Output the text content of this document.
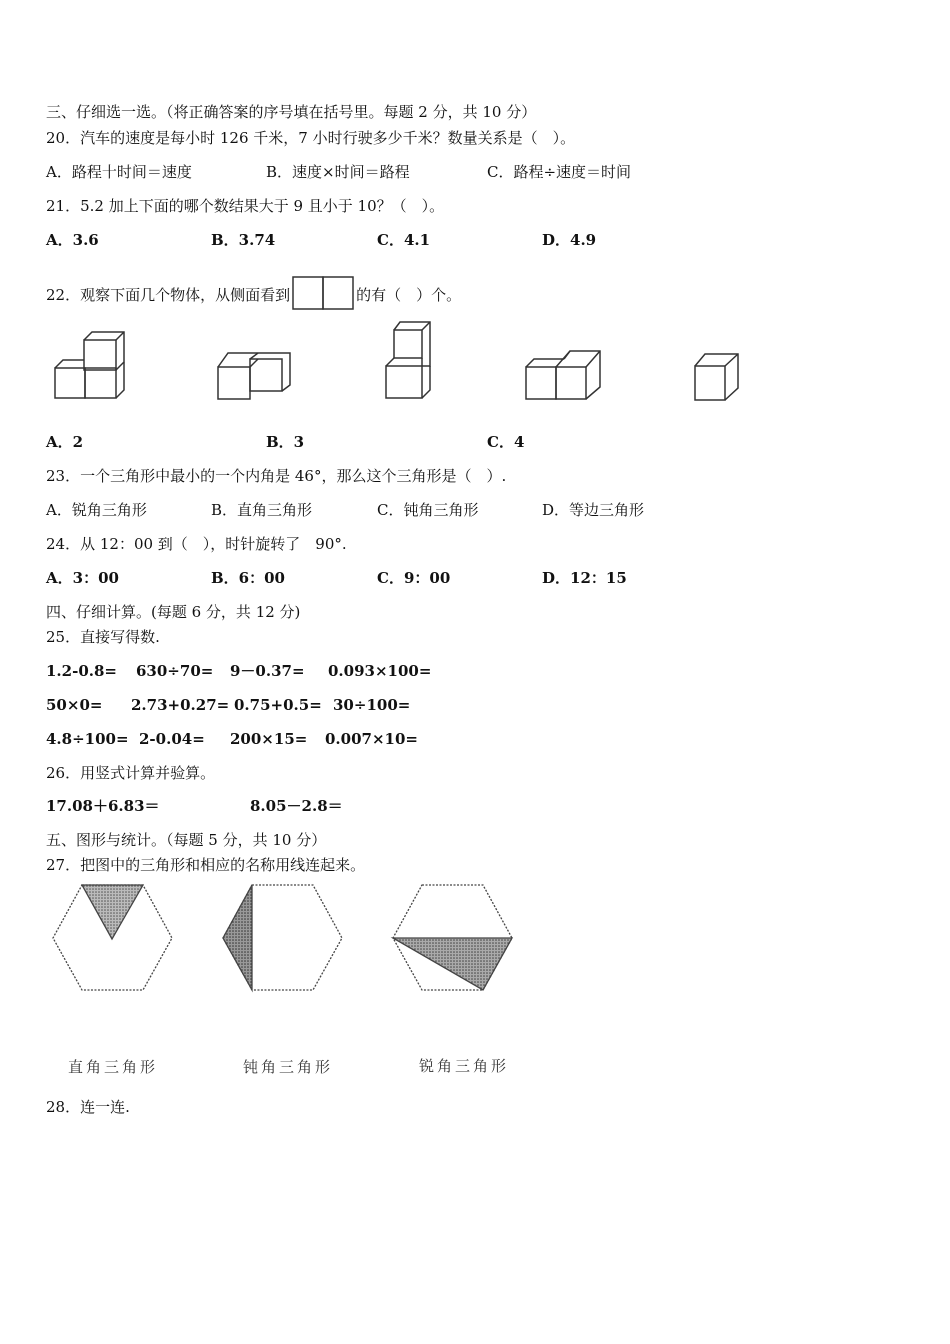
三、仔细选一选。（将正确答案的序号填在括号里。每题 2 分，共 10 分）
20．汽车的速度是每小时 126 千米，7 小时行驶多少千米？数量关系是（　）。
A．路程十时间＝速度	B．速度×时间＝路程	C．路程÷速度＝时间
21．5.2 加上下面的哪个数结果大于 9 且小于 10？（　）。
A．3.6	B．3.74	C．4.1	D．4.9
22．观察下面几个物体，从侧面看到	的有（　）个。
A．2	B．3	C．4
23．一个三角形中最小的一个内角是 46°，那么这个三角形是（　）.
A．锐角三角形	B．直角三角形	C．钝角三角形	D．等边三角形
24．从 12：00 到（　），时针旋转了　90°.
A．3：00	B．6：00	C．9：00	D．12：15
四、仔细计算。(每题 6 分，共 12 分)
25．直接写得数.
1.2-0.8= 630÷70= 9－0.37= 0.093×100=
50×0= 2.73+0.27= 0.75+0.5= 30÷100=
4.8÷100= 2-0.04= 200×15= 0.007×10=
26．用竖式计算并验算。
17.08＋6.83＝	8.05－2.8＝
五、图形与统计。（每题 5 分，共 10 分）
27．把图中的三角形和相应的名称用线连起来。
直角三角形	钝角三角形	锐角三角形
28．连一连.
